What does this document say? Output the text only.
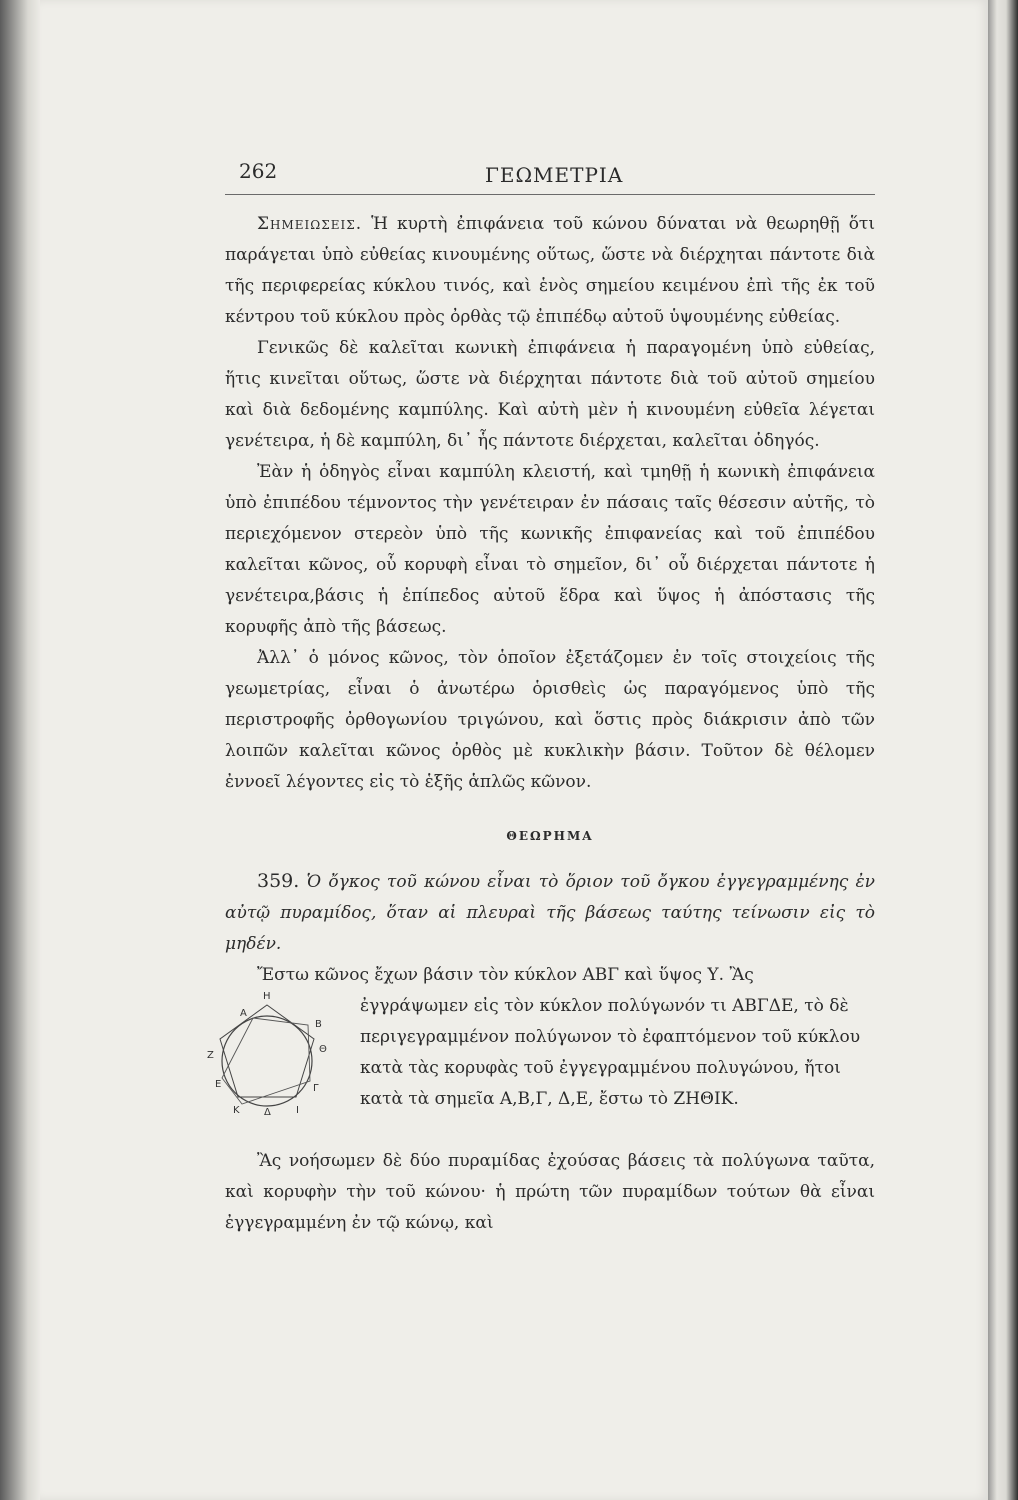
262	ΓΕΩΜΕΤΡΙΑ

Σημειωσεις. Ἡ κυρτὴ ἐπιφάνεια τοῦ κώνου δύναται νὰ θεωρηθῇ ὅτι παράγεται ὑπὸ εὐθείας κινουμένης οὕτως, ὥστε νὰ διέρχηται πάντοτε διὰ τῆς περιφερείας κύκλου τινός, καὶ ἑνὸς σημείου κειμένου ἐπὶ τῆς ἐκ τοῦ κέντρου τοῦ κύκλου πρὸς ὀρθὰς τῷ ἐπιπέδῳ αὐτοῦ ὑψουμένης εὐθείας.

Γενικῶς δὲ καλεῖται κωνικὴ ἐπιφάνεια ἡ παραγομένη ὑπὸ εὐθείας, ἥτις κινεῖται οὕτως, ὥστε νὰ διέρχηται πάντοτε διὰ τοῦ αὐτοῦ σημείου καὶ διὰ δεδομένης καμπύλης. Καὶ αὐτὴ μὲν ἡ κινουμένη εὐθεῖα λέγεται γενέτειρα, ἡ δὲ καμπύλη, δι᾿ ἧς πάντοτε διέρχεται, καλεῖται ὁδηγός.

Ἐὰν ἡ ὁδηγὸς εἶναι καμπύλη κλειστή, καὶ τμηθῇ ἡ κωνικὴ ἐπιφάνεια ὑπὸ ἐπιπέδου τέμνοντος τὴν γενέτειραν ἐν πάσαις ταῖς θέσεσιν αὐτῆς, τὸ περιεχόμενον στερεὸν ὑπὸ τῆς κωνικῆς ἐπιφανείας καὶ τοῦ ἐπιπέδου καλεῖται κῶνος, οὗ κορυφὴ εἶναι τὸ σημεῖον, δι᾿ οὗ διέρχεται πάντοτε ἡ γενέτειρα,βάσις ἡ ἐπίπεδος αὐτοῦ ἕδρα καὶ ὕψος ἡ ἀπόστασις τῆς κορυφῆς ἀπὸ τῆς βάσεως.

Ἀλλ᾿ ὁ μόνος κῶνος, τὸν ὁποῖον ἐξετάζομεν ἐν τοῖς στοιχείοις τῆς γεωμετρίας, εἶναι ὁ ἀνωτέρω ὁρισθεὶς ὡς παραγόμενος ὑπὸ τῆς περιστροφῆς ὀρθογωνίου τριγώνου, καὶ ὅστις πρὸς διάκρισιν ἀπὸ τῶν λοιπῶν καλεῖται κῶνος ὀρθὸς μὲ κυκλικὴν βάσιν. Τοῦτον δὲ θέλομεν ἐννοεῖ λέγοντες εἰς τὸ ἑξῆς ἁπλῶς κῶνον.

ΘΕΩΡΗΜΑ

359. Ὁ ὄγκος τοῦ κώνου εἶναι τὸ ὅριον τοῦ ὄγκου ἐγγεγραμμένης ἐν αὐτῷ πυραμίδος, ὅταν αἱ πλευραὶ τῆς βάσεως ταύτης τείνωσιν εἰς τὸ μηδέν.

Ἔστω κῶνος ἔχων βάσιν τὸν κύκλον ΑΒΓ καὶ ὕψος Υ. Ἂς

H
A
B
Z
Θ
E	Γ
K Δ	I

ἐγγράψωμεν εἰς τὸν κύκλον πολύγωνόν τι ΑΒΓΔΕ, τὸ δὲ περιγεγραμμένον πολύγωνον τὸ ἐφαπτόμενον τοῦ κύκλου κατὰ τὰς κορυφὰς τοῦ ἐγγεγραμμένου πολυγώνου, ἤτοι κατὰ τὰ σημεῖα Α,Β,Γ, Δ,Ε, ἔστω τὸ ΖΗΘΙΚ.

Ἂς νοήσωμεν δὲ δύο πυραμίδας ἐχούσας βάσεις τὰ πολύγωνα ταῦτα, καὶ κορυφὴν τὴν τοῦ κώνου· ἡ πρώτη τῶν πυραμίδων τούτων θὰ εἶναι ἐγγεγραμμένη ἐν τῷ κώνῳ, καὶ
